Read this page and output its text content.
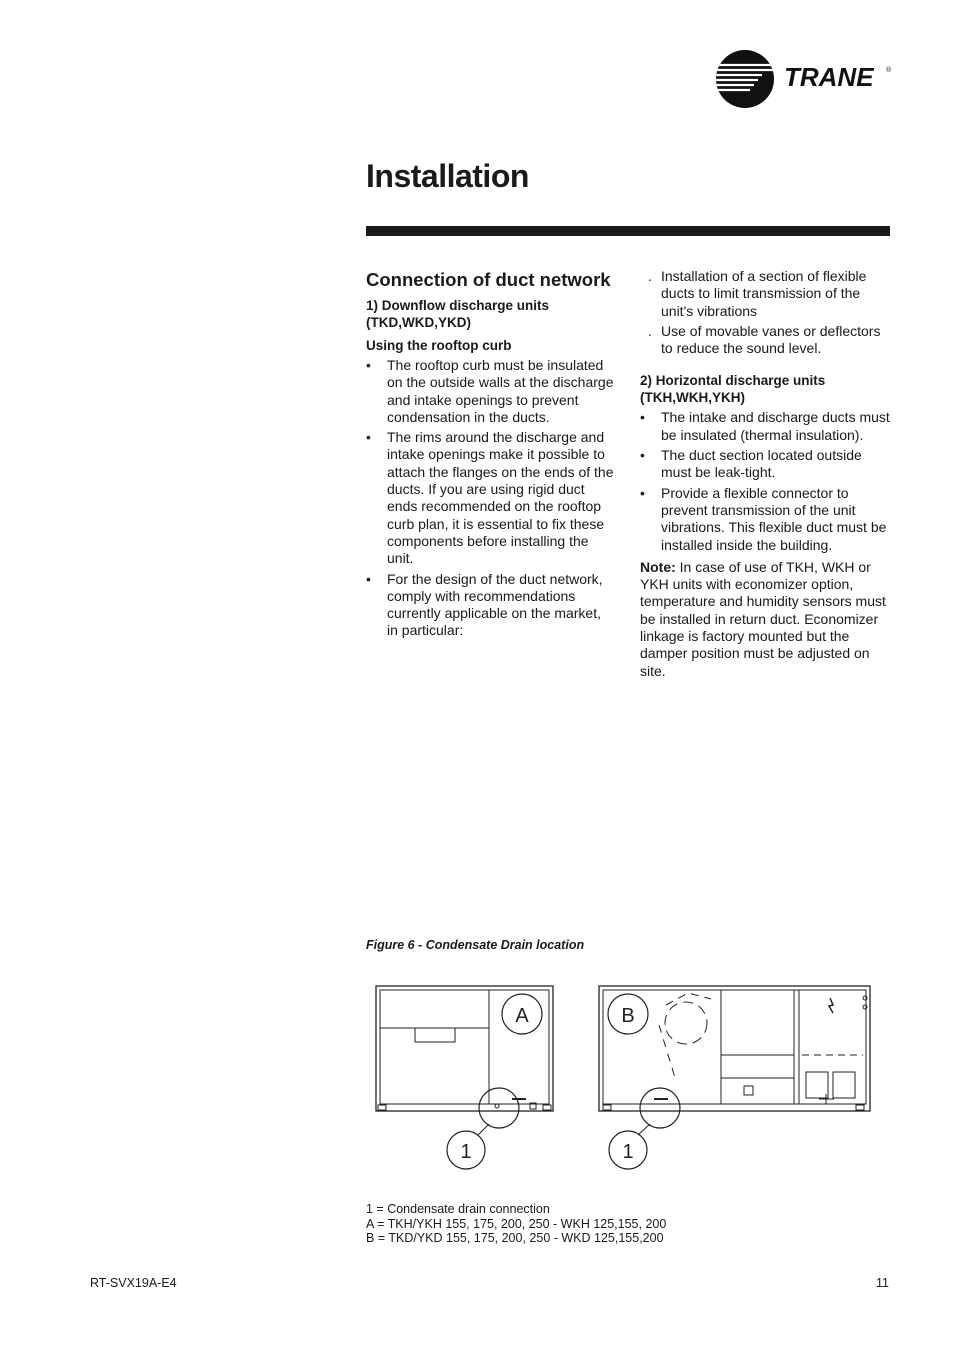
TRANE ®
Installation
Connection of duct network
1) Downflow discharge units (TKD,WKD,YKD)
Using the rooftop curb
• The rooftop curb must be insulated on the outside walls at the discharge and intake openings to prevent condensation in the ducts.
• The rims around the discharge and intake openings make it possible to attach the flanges on the ends of the ducts. If you are using rigid duct ends recommended on the rooftop curb plan, it is essential to fix these components before installing the unit.
• For the design of the duct network, comply with recommendations currently applicable on the market, in particular:
. Installation of a section of flexible ducts to limit transmission of the unit's vibrations
. Use of movable vanes or deflectors to reduce the sound level.
2) Horizontal discharge units (TKH,WKH,YKH)
• The intake and discharge ducts must be insulated (thermal insulation).
• The duct section located outside must be leak-tight.
• Provide a flexible connector to prevent transmission of the unit vibrations. This flexible duct must be installed inside the building.

Note: In case of use of TKH, WKH or YKH units with economizer option, temperature and humidity sensors must be installed in return duct. Economizer linkage is factory mounted but the damper position must be adjusted on site.

Figure 6 - Condensate Drain location
A	B
1	1
1 = Condensate drain connection
A = TKH/YKH 155, 175, 200, 250 - WKH 125,155, 200
B = TKD/YKD 155, 175, 200, 250 - WKD 125,155,200
RT-SVX19A-E4	11
